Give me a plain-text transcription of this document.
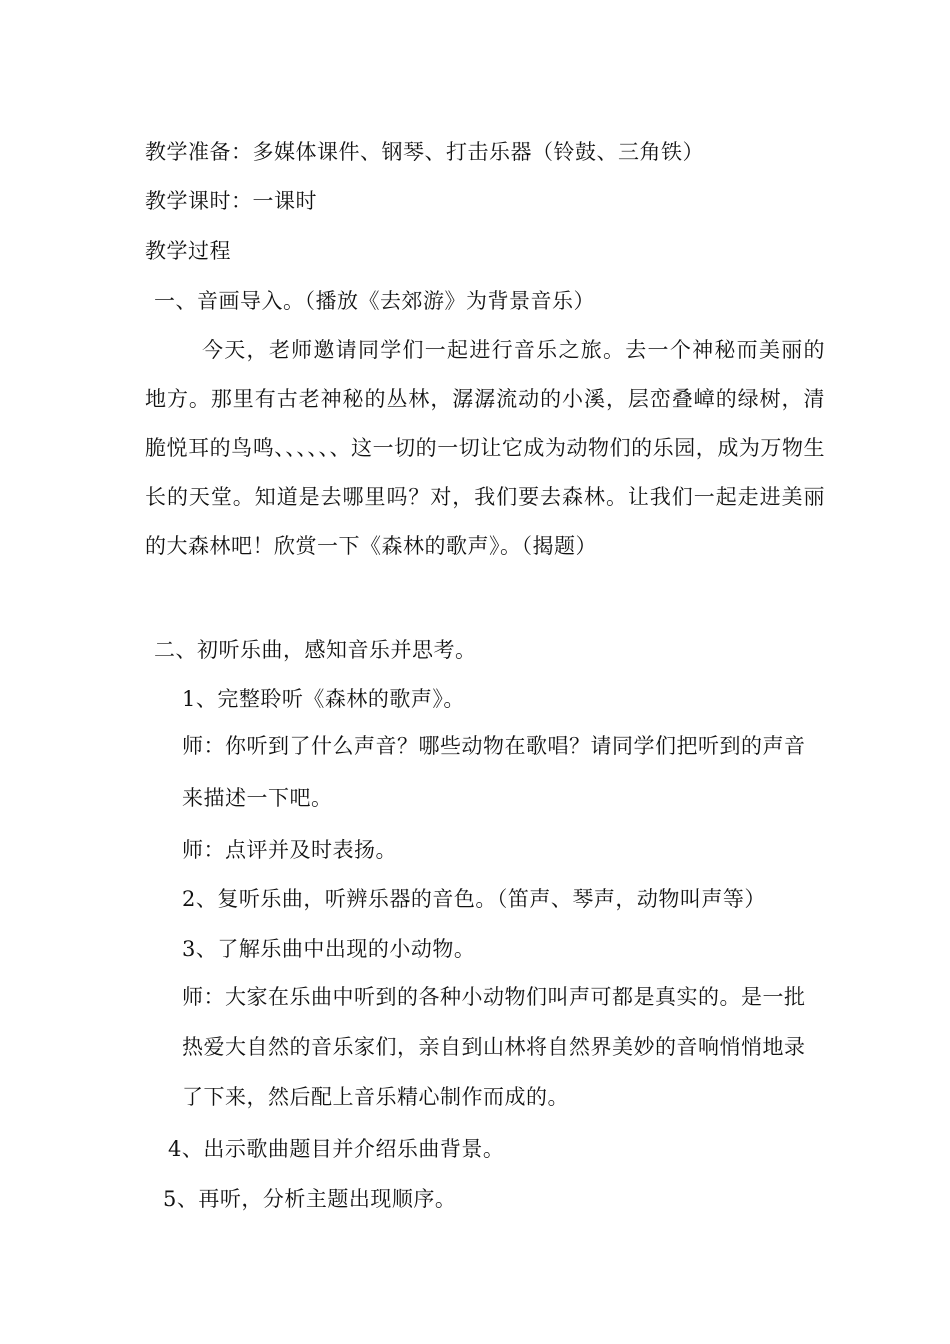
教学准备：多媒体课件、钢琴、打击乐器（铃鼓、三角铁）
教学课时：一课时
教学过程
一、音画导入。（播放《去郊游》为背景音乐）

今天，老师邀请同学们一起进行音乐之旅。去一个神秘而美丽的地方。那里有古老神秘的丛林，潺潺流动的小溪，层峦叠嶂的绿树，清脆悦耳的鸟鸣、、、、、、这一切的一切让它成为动物们的乐园，成为万物生长的天堂。知道是去哪里吗？对，我们要去森林。让我们一起走进美丽的大森林吧！欣赏一下《森林的歌声》。（揭题）

二、初听乐曲，感知音乐并思考。
1、完整聆听《森林的歌声》。

师：你听到了什么声音？哪些动物在歌唱？请同学们把听到的声音来描述一下吧。

师：点评并及时表扬。
2、复听乐曲，听辨乐器的音色。（笛声、琴声，动物叫声等）
3、了解乐曲中出现的小动物。

师：大家在乐曲中听到的各种小动物们叫声可都是真实的。是一批热爱大自然的音乐家们，亲自到山林将自然界美妙的音响悄悄地录了下来，然后配上音乐精心制作而成的。

4、出示歌曲题目并介绍乐曲背景。
5、再听，分析主题出现顺序。
